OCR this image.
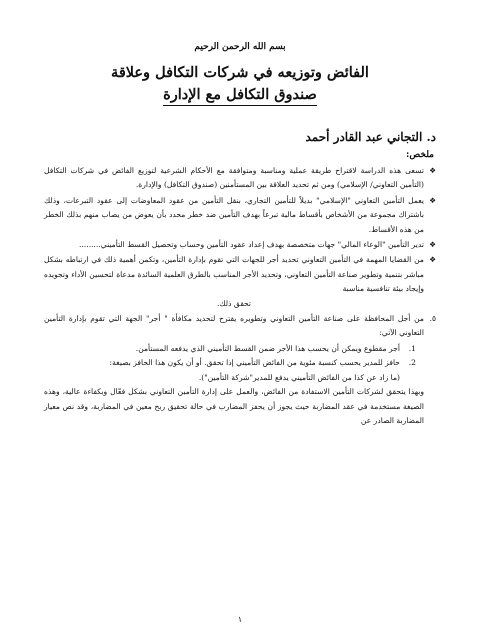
بسم الله الرحمن الرحيم

الفائض وتوزيعه في شركات التكافل وعلاقة
صندوق التكافل مع الإدارة

د. التجاني عبد القادر أحمد

ملخص:

❖
تسعى هذه الدراسة لاقتراح طريقة عملية ومناسبة ومتوافقة مع الأحكام الشرعية لتوزيع الفائض في شركات التكافل (التأمين التعاوني/ الإسلامي) ومن ثم تحديد العلاقة بين المستأمنين (صندوق التكافل) والإدارة.
❖
يعمل التأمين التعاوني "الإسلامي" بديلاً للتأمين التجاري، بنقل التأمين من عقود المعاوضات إلى عقود التبرعات، وذلك باشتراك مجموعة من الأشخاص بأقساط مالية تبرعاً بهدف التأمين ضد خطر محدد بأن يعوض من يصاب منهم بذلك الخطر من هذه الأقساط.
❖
تدير التأمين "الوعاء المالي" جهات متخصصة بهدف إعداد عقود التأمين وحساب وتحصيل القسط التأميني.........
❖
من القضايا المهمة في التأمين التعاوني تحديد أجر للجهات التي تقوم بإدارة التأمين، وتكمن أهمية ذلك في ارتباطه بشكل مباشر بتنمية وتطوير صناعة التأمين التعاوني، وتحديد الأجر المناسب بالطرق العلمية السائدة مدعاة لتحسين الأداء وتجويده وإيجاد بيئة تنافسية مناسبة
تحقق ذلك.
٥.
من أجل المحافظة على صناعة التأمين التعاوني وتطويره يقترح لتحديد مكافأة " أجر" الجهة التي تقوم بإدارة التأمين التعاوني الآتي:
1.
أجر مقطوع ويمكن أن يحسب هذا الأجر ضمن القسط التأميني الذي يدفعه المستأمن.
2.
حافز للمدير يحسب كنسبة مئوية من الفائض التأميني إذا تحقق. أو أن يكون هذا الحافز بصيغة:

(ما زاد عن كذا من الفائض التأميني يدفع للمدير"شركة التأمين").

وبهذا يتحقق لشركات التأمين الاستفادة من الفائض، والعمل على إدارة التأمين التعاوني بشكل فعّال وبكفاءة عالية، وهذه الصيغة مستخدمة في عقد المضاربة حيث يجوز أن يحفز المضارب في حالة تحقيق ربح معين في المضاربة، وقد نص معيار المضاربة الصادر عن

١
